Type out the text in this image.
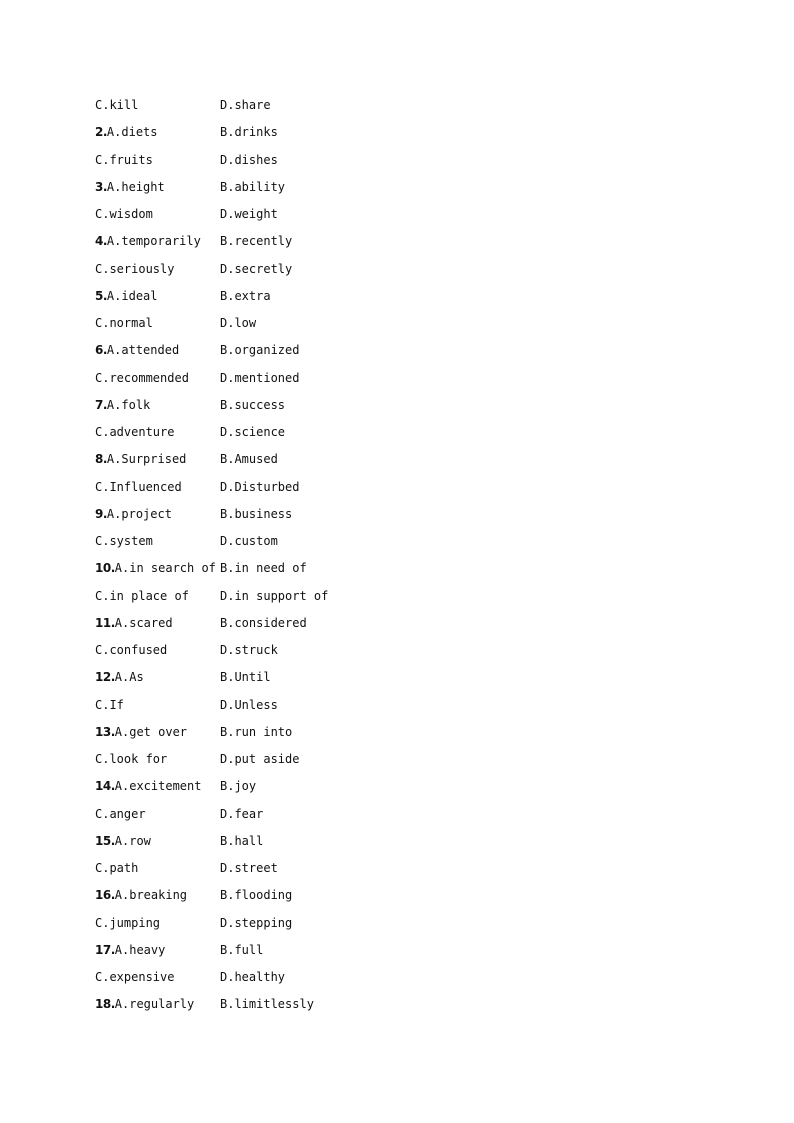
C.kill	D.share
2.A.diets	B.drinks
C.fruits	D.dishes
3.A.height	B.ability
C.wisdom	D.weight
4.A.temporarily B.recently
C.seriously	D.secretly
5.A.ideal	B.extra
C.normal	D.low
6.A.attended	B.organized
C.recommended	D.mentioned
7.A.folk	B.success
C.adventure	D.science
8.A.Surprised	B.Amused
C.Influenced	D.Disturbed
9.A.project	B.business
C.system	D.custom
10.A.in search of B.in need of
C.in place of	D.in support of
11.A.scared	B.considered
C.confused	D.struck
12.A.As	B.Until
C.If	D.Unless
13.A.get over	B.run into
C.look for	D.put aside
14.A.excitement B.joy
C.anger	D.fear
15.A.row	B.hall
C.path	D.street
16.A.breaking	B.flooding
C.jumping	D.stepping
17.A.heavy	B.full
C.expensive	D.healthy
18.A.regularly B.limitlessly
